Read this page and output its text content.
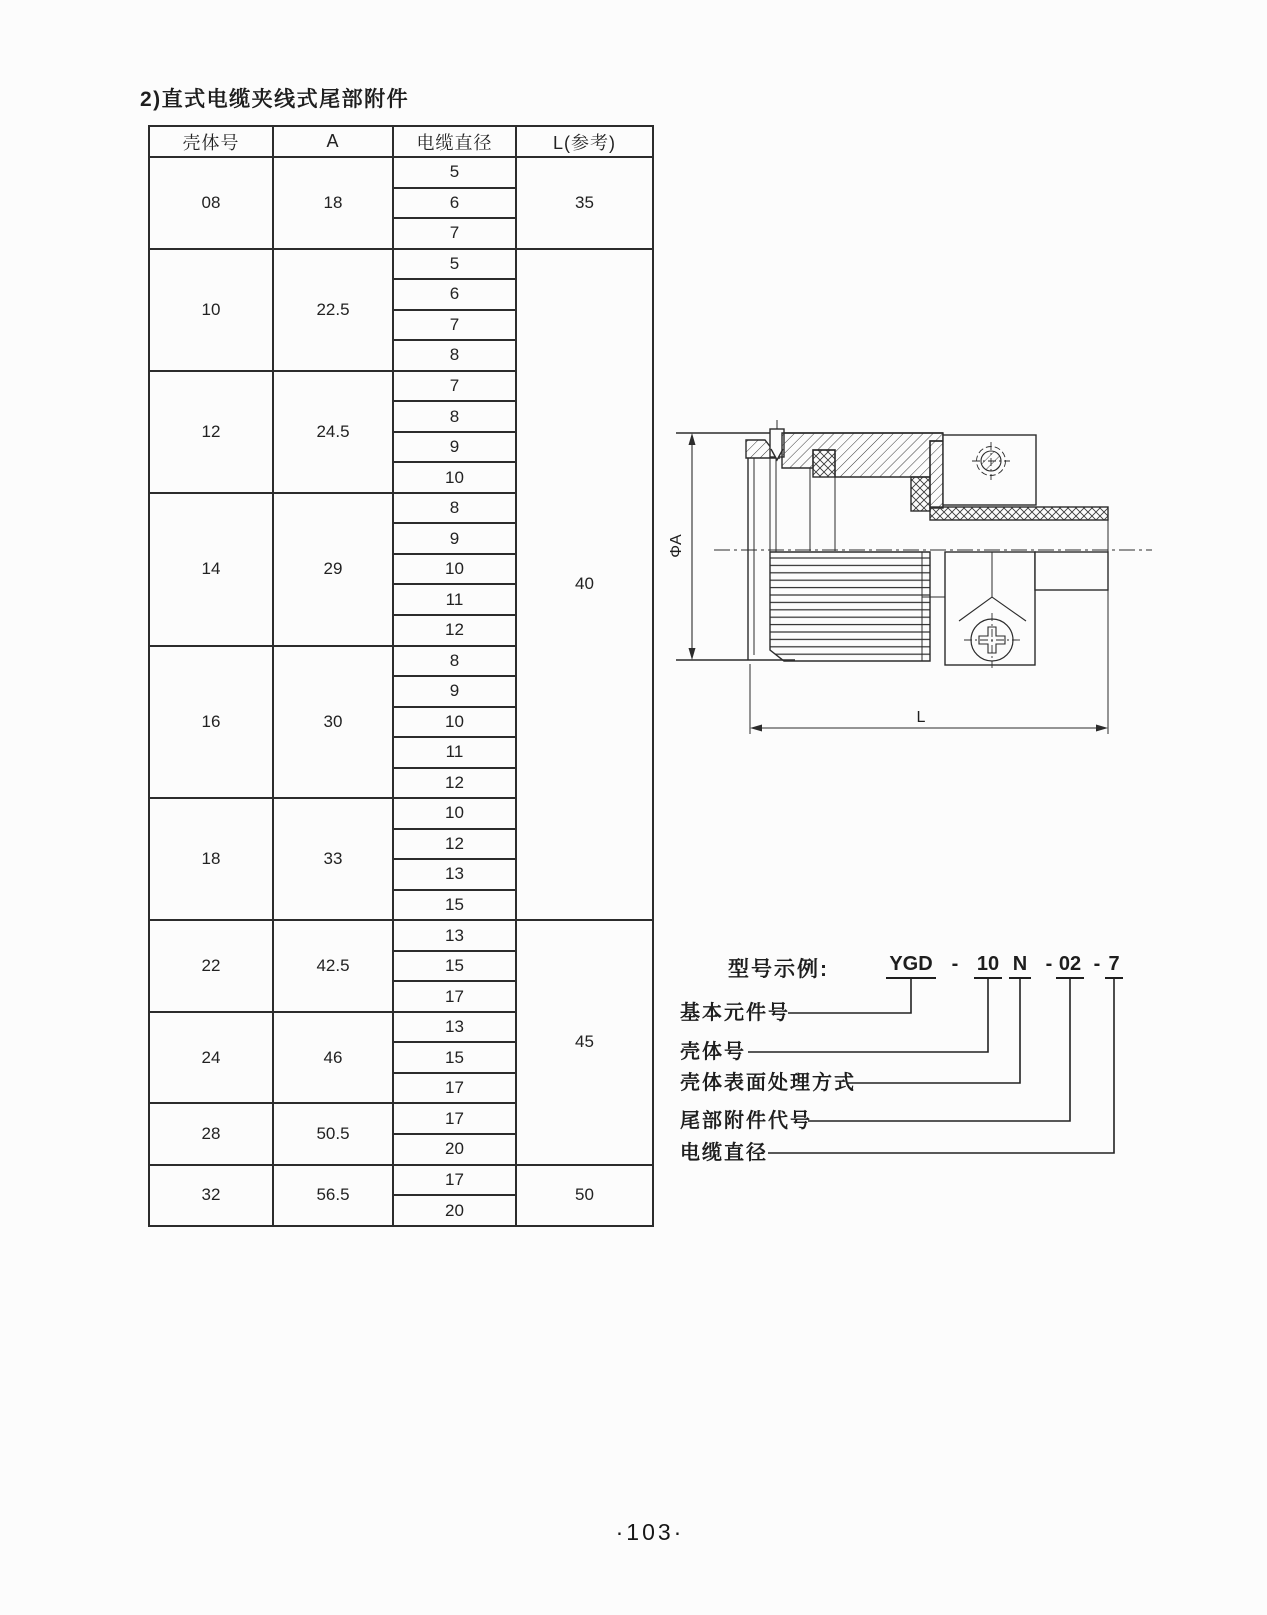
2)直式电缆夹线式尾部附件
壳体号	A	电缆直径	L(参考)
08	18	5	35
		6	
		7	
10	22.5	5	40
		6	
		7	
		8	
12	24.5	7	
		8	
		9	
		10	
14	29	8	
		9	
		10	
		11	
		12	
16	30	8	
		9	
		10	
		11	
		12	
18	33	10	
		12	
		13	
		15	
22	42.5	13	45
		15	
		17	
24	46	13	
		15	
		17	
28	50.5	17	
		20	
32	56.5	17	50
		20	
ΦA
L
型号示例:	YGD - 10 N - 02 - 7
基本元件号
壳体号
壳体表面处理方式
尾部附件代号
电缆直径
·103·
